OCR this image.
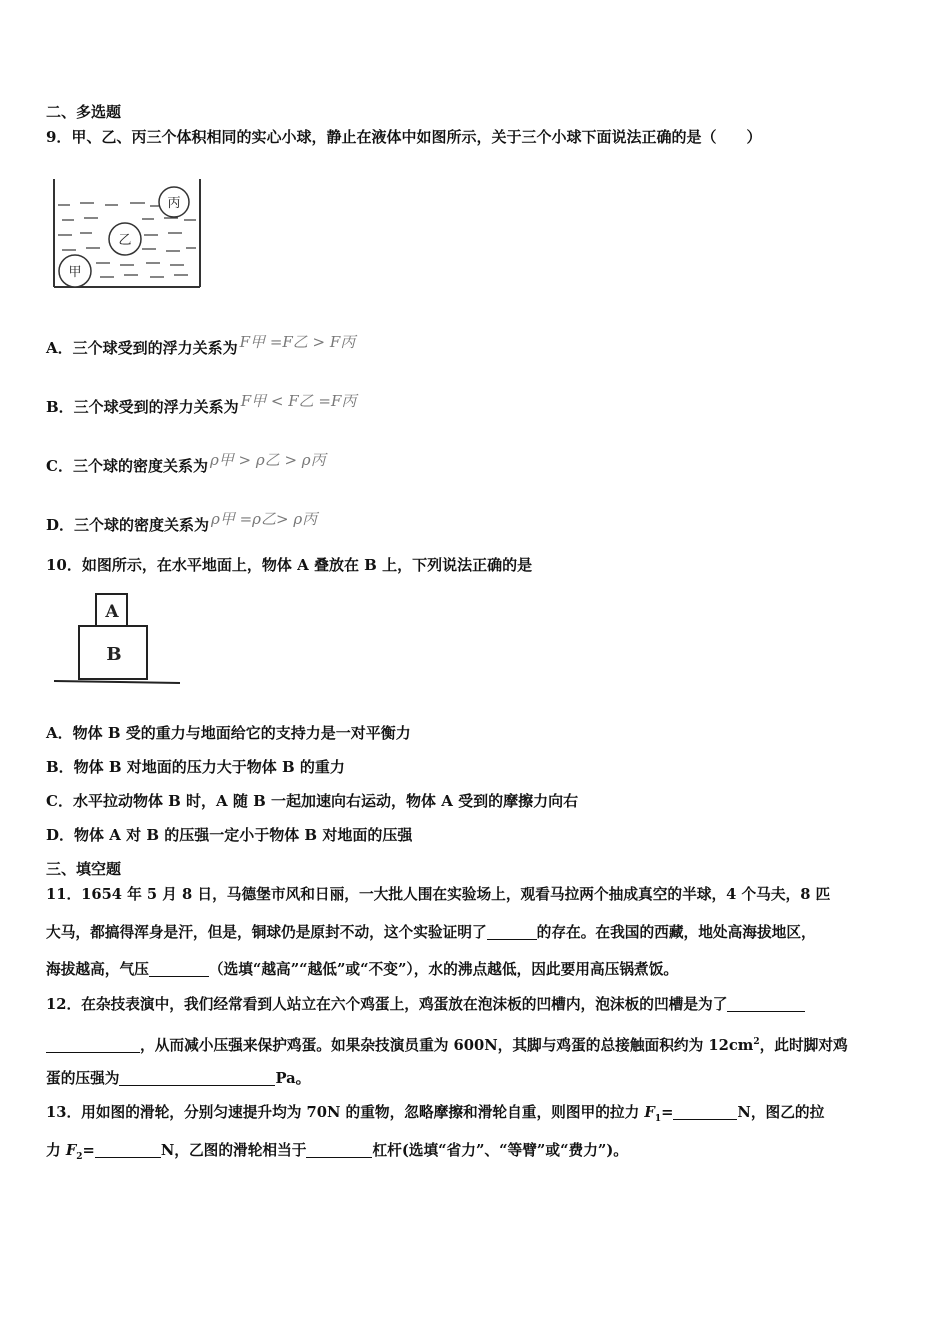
二、多选题
9．甲、乙、丙三个体积相同的实心小球，静止在液体中如图所示，关于三个小球下面说法正确的是（　　）
丙
乙
甲
A．三个球受到的浮力关系为 F甲 =F乙 > F丙
B．三个球受到的浮力关系为 F甲 < F乙 =F丙
C．三个球的密度关系为 ρ甲 > ρ乙 > ρ丙
D．三个球的密度关系为 ρ甲 =ρ乙> ρ丙
10．如图所示，在水平地面上，物体 A 叠放在 B 上，下列说法正确的是
A
B
A．物体 B 受的重力与地面给它的支持力是一对平衡力
B．物体 B 对地面的压力大于物体 B 的重力
C．水平拉动物体 B 时，A 随 B 一起加速向右运动，物体 A 受到的摩擦力向右
D．物体 A 对 B 的压强一定小于物体 B 对地面的压强
三、填空题
11．1654 年 5 月 8 日，马德堡市风和日丽，一大批人围在实验场上，观看马拉两个抽成真空的半球，4 个马夫，8 匹
大马，都搞得浑身是汗，但是，铜球仍是原封不动，这个实验证明了	的存在。在我国的西藏，地处高海拔地区，
海拔越高，气压	（选填“越高”“越低”或“不变”），水的沸点越低，因此要用高压锅煮饭。
12．在杂技表演中，我们经常看到人站立在六个鸡蛋上，鸡蛋放在泡沫板的凹槽内，泡沫板的凹槽是为了
，从而减小压强来保护鸡蛋。如果杂技演员重为 600N，其脚与鸡蛋的总接触面积约为 $12cm^2$，此时脚对鸡
蛋的压强为	Pa。
13．用如图的滑轮，分别匀速提升均为 70N 的重物，忽略摩擦和滑轮自重，则图甲的拉力 $F_1=$	N，图乙的拉
力 $F_2=$	N，乙图的滑轮相当于	杠杆(选填“省力”、“等臂”或“费力”)。
